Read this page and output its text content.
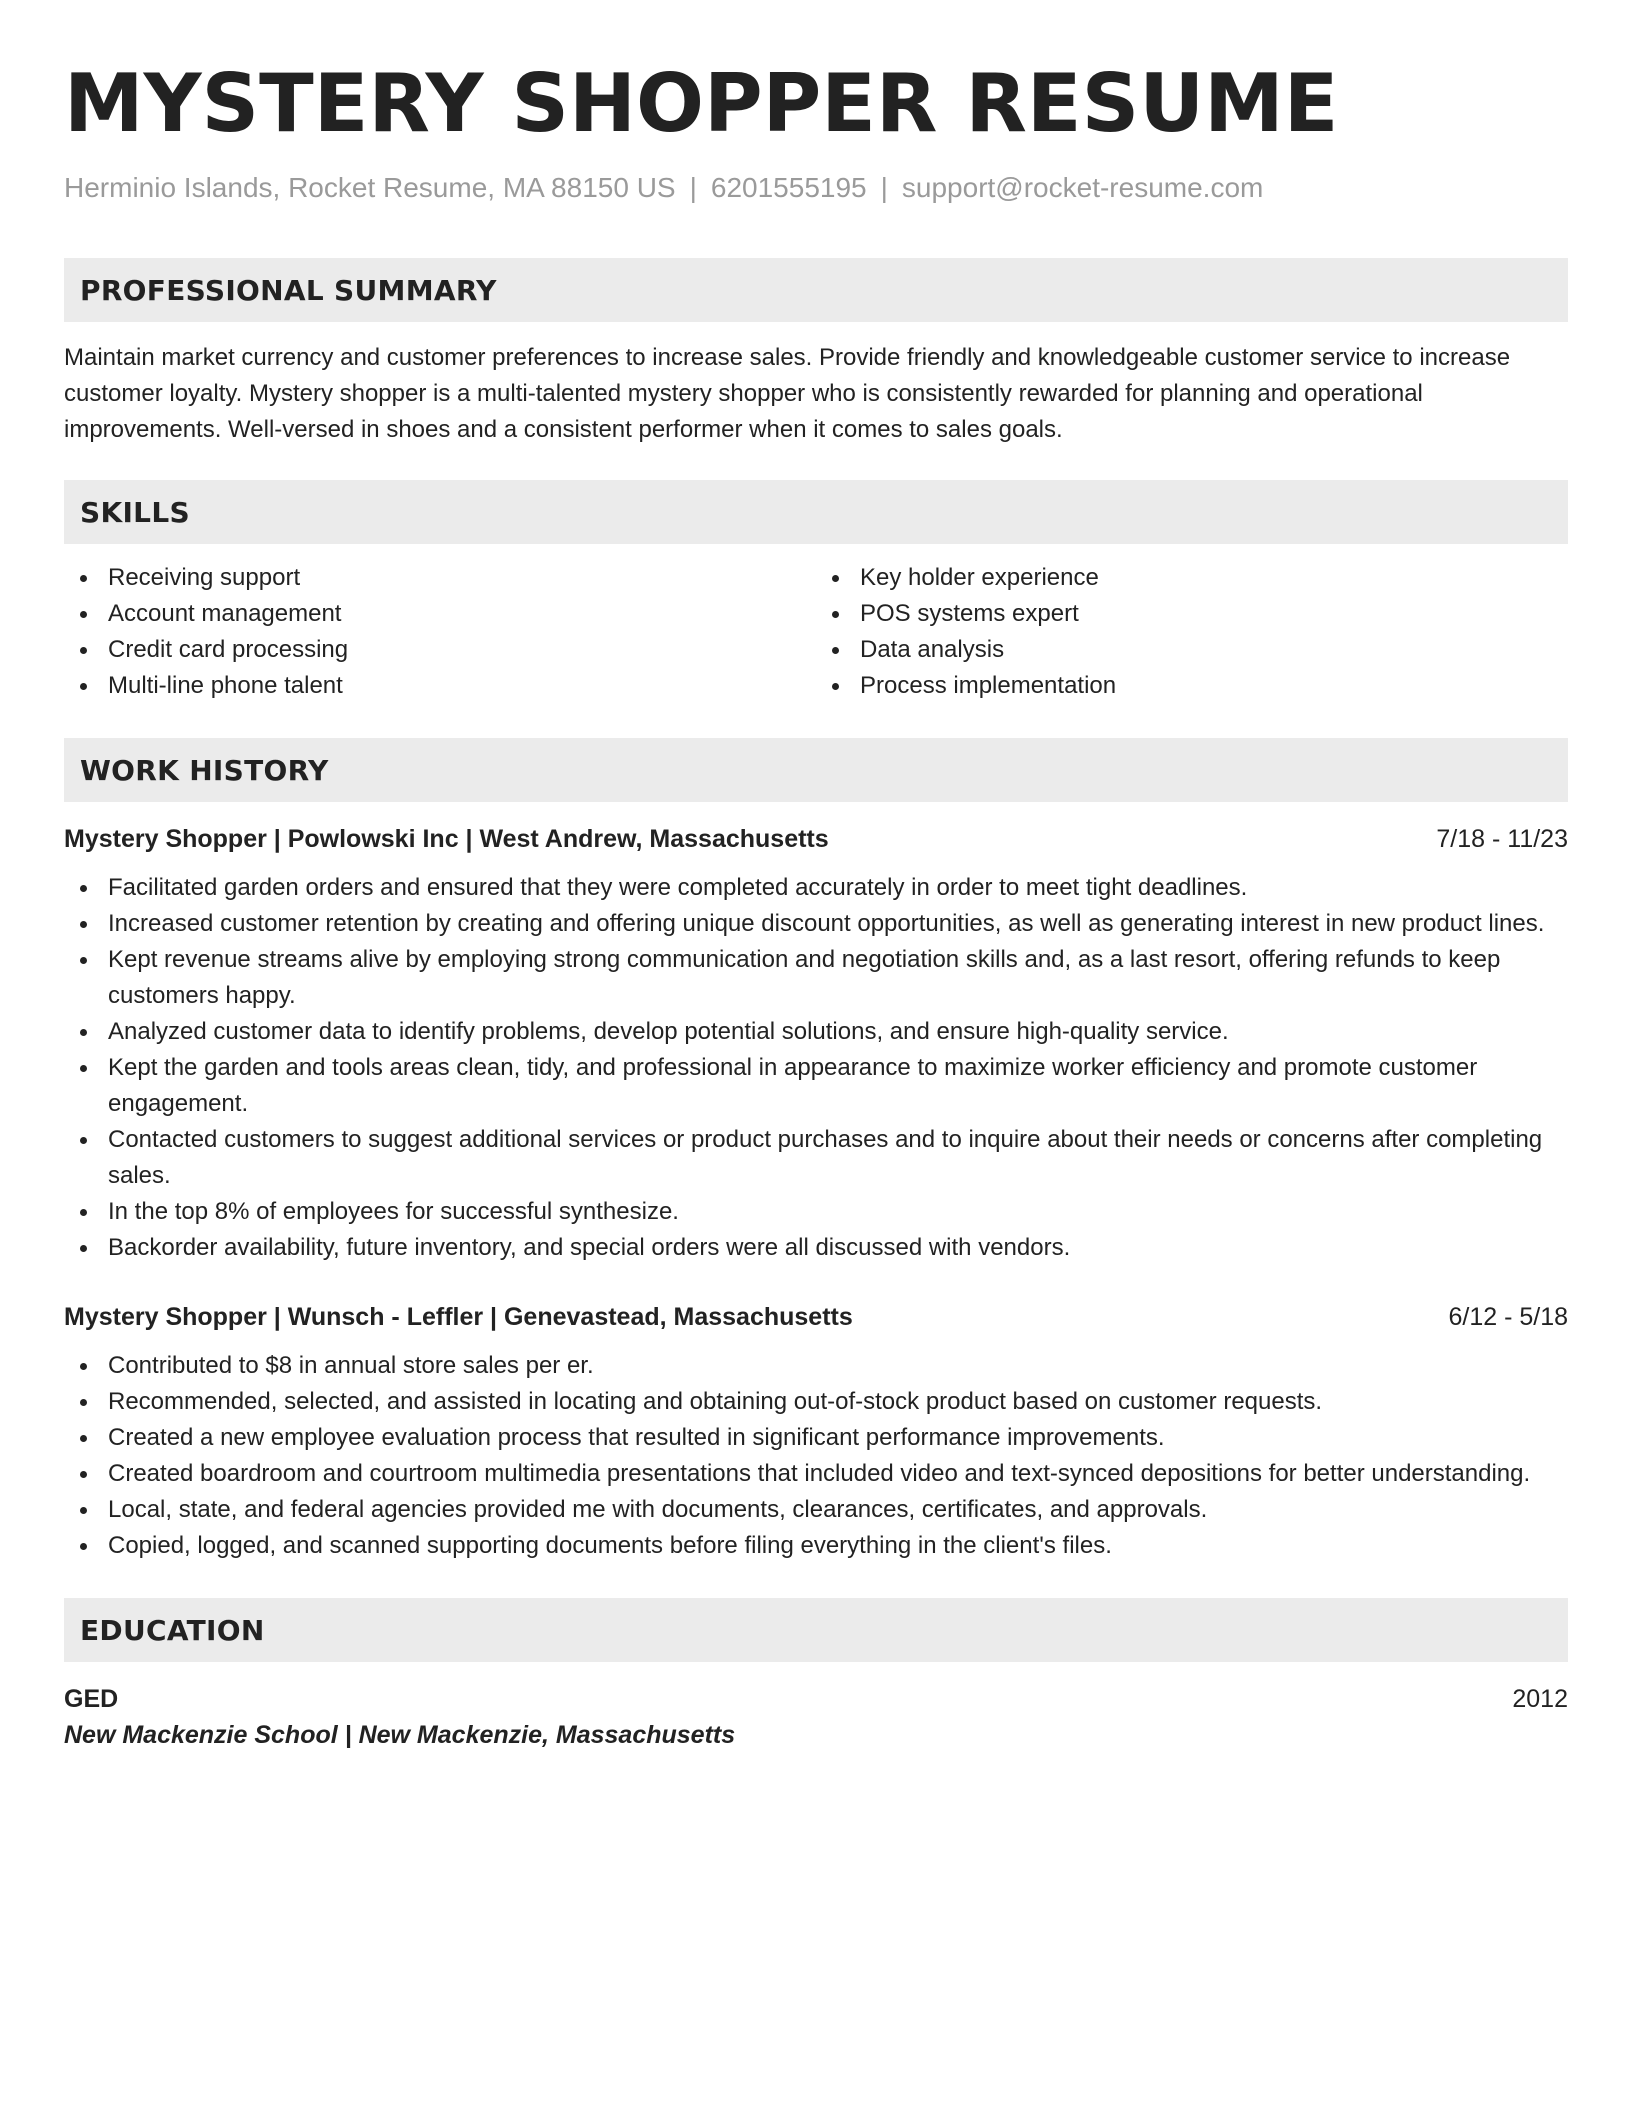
MYSTERY SHOPPER RESUME
Herminio Islands, Rocket Resume, MA 88150 US | 6201555195 | support@rocket-resume.com
PROFESSIONAL SUMMARY

Maintain market currency and customer preferences to increase sales. Provide friendly and knowledgeable customer service to increase customer loyalty. Mystery shopper is a multi-talented mystery shopper who is consistently rewarded for planning and operational improvements. Well-versed in shoes and a consistent performer when it comes to sales goals.

SKILLS
Receiving support
Account management
Credit card processing
Multi-line phone talent
Key holder experience
POS systems expert
Data analysis
Process implementation
WORK HISTORY
Mystery Shopper | Powlowski Inc | West Andrew, Massachusetts	7/18 - 11/23
Facilitated garden orders and ensured that they were completed accurately in order to meet tight deadlines.
Increased customer retention by creating and offering unique discount opportunities, as well as generating interest in new product lines.
Kept revenue streams alive by employing strong communication and negotiation skills and, as a last resort, offering refunds to keep customers happy.
Analyzed customer data to identify problems, develop potential solutions, and ensure high-quality service.
Kept the garden and tools areas clean, tidy, and professional in appearance to maximize worker efficiency and promote customer engagement.
Contacted customers to suggest additional services or product purchases and to inquire about their needs or concerns after completing sales.
In the top 8% of employees for successful synthesize.
Backorder availability, future inventory, and special orders were all discussed with vendors.
Mystery Shopper | Wunsch - Leffler | Genevastead, Massachusetts	6/12 - 5/18
Contributed to $8 in annual store sales per er.
Recommended, selected, and assisted in locating and obtaining out-of-stock product based on customer requests.
Created a new employee evaluation process that resulted in significant performance improvements.
Created boardroom and courtroom multimedia presentations that included video and text-synced depositions for better understanding.
Local, state, and federal agencies provided me with documents, clearances, certificates, and approvals.
Copied, logged, and scanned supporting documents before filing everything in the client's files.
EDUCATION
GED	2012
New Mackenzie School | New Mackenzie, Massachusetts
